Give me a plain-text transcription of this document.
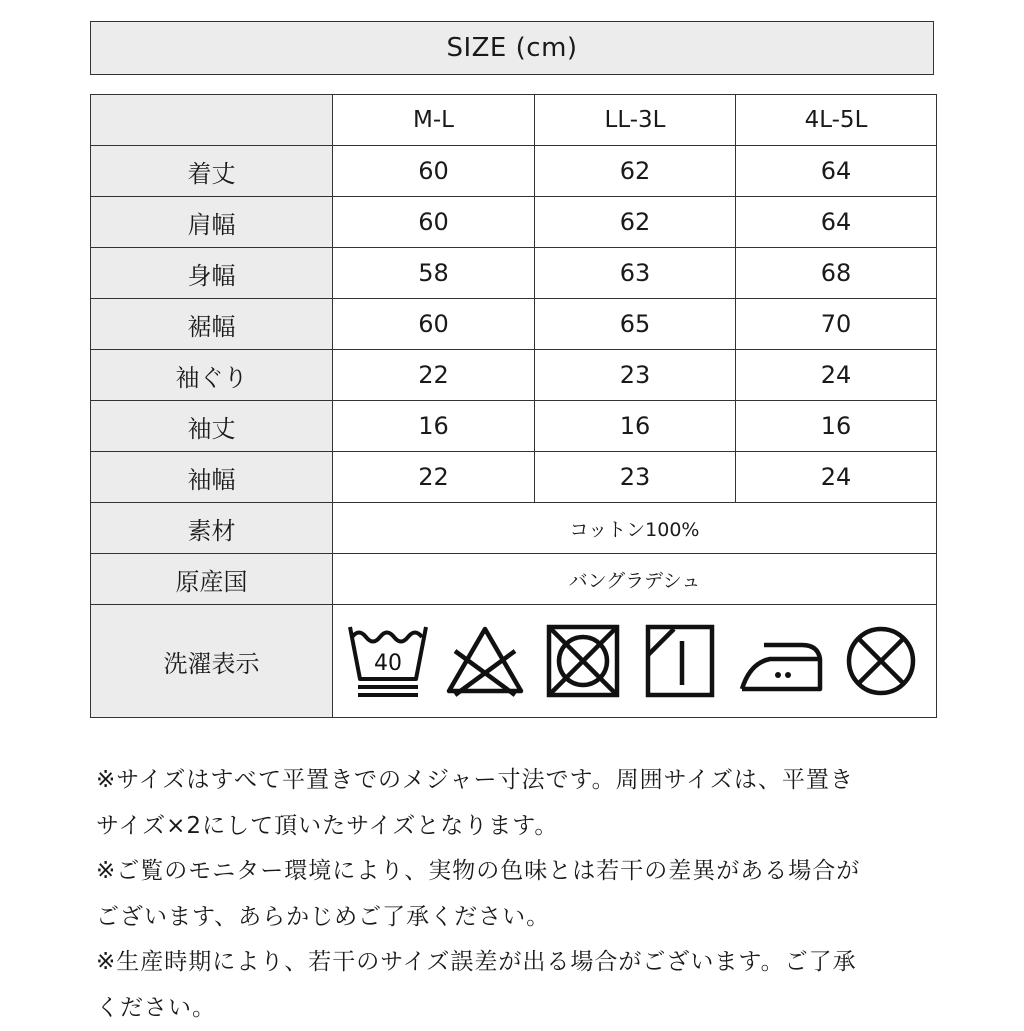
SIZE (cm)
	M-L	LL-3L	4L-5L
着丈	60	62	64
肩幅	60	62	64
身幅	58	63	68
裾幅	60	65	70
袖ぐり	22	23	24
袖丈	16	16	16
袖幅	22	23	24
素材	コットン100%		
原産国	バングラデシュ		
洗濯表示	40		
※サイズはすべて平置きでのメジャー寸法です。周囲サイズは、平置き
サイズ×2にして頂いたサイズとなります。
※ご覧のモニター環境により、実物の色味とは若干の差異がある場合が
ございます、あらかじめご了承ください。
※生産時期により、若干のサイズ誤差が出る場合がございます。ご了承
ください。
